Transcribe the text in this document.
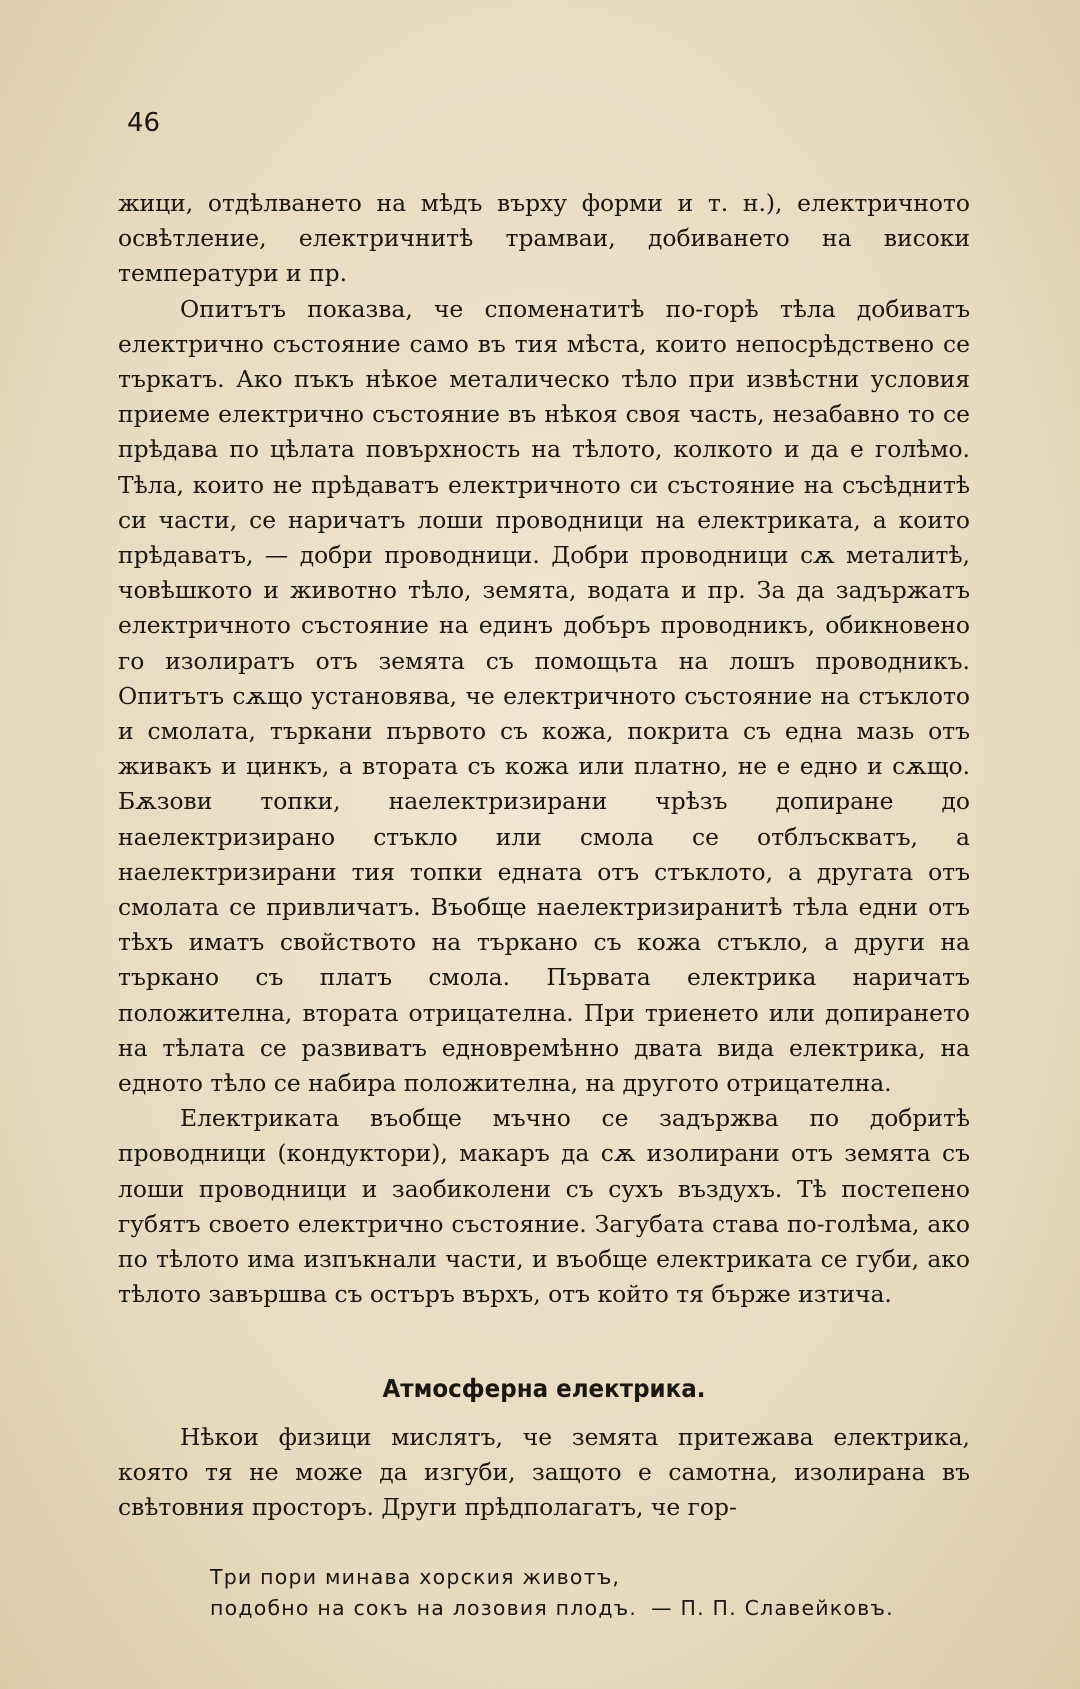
46

жици, отдѣлването на мѣдъ върху форми и т. н.), електричното освѣтление, електричнитѣ трамваи, добиването на високи температури и пр.

Опитътъ показва, че споменатитѣ по-горѣ тѣла добиватъ електрично състояние само въ тия мѣста, които непосрѣдствено се търкатъ. Ако пъкъ нѣкое металическо тѣло при извѣстни условия приеме електрично състояние въ нѣкоя своя часть, незабавно то се прѣдава по цѣлата повърхность на тѣлото, колкото и да е голѣмо. Тѣла, които не прѣдаватъ електричното си състояние на съсѣднитѣ си части, се наричатъ лоши проводници на електриката, а които прѣдаватъ, — добри проводници. Добри проводници сѫ металитѣ, човѣшкото и животно тѣло, земята, водата и пр. За да задържатъ електричното състояние на единъ добъръ проводникъ, обикновено го изолиратъ отъ земята съ помощьта на лошъ проводникъ. Опитътъ сѫщо установява, че електричното състояние на стъклото и смолата, търкани първото съ кожа, покрита съ една мазь отъ живакъ и цинкъ, а втората съ кожа или платно, не е едно и сѫщо. Бѫзови топки, наелектризирани чрѣзъ допиране до наелектризирано стъкло или смола се отблъскватъ, а наелектризирани тия топки едната отъ стъклото, а другата отъ смолата се привличатъ. Въобще наелектризиранитѣ тѣла едни отъ тѣхъ иматъ свойството на търкано съ кожа стъкло, а други на търкано съ платъ смола. Първата електрика наричатъ положителна, втората отрицателна. При триенето или допирането на тѣлата се развиватъ едновремѣнно двата вида електрика, на едното тѣло се набира положителна, на другото отрицателна.

Електриката въобще мъчно се задържва по добритѣ проводници (кондуктори), макаръ да сѫ изолирани отъ земята съ лоши проводници и заобиколени съ сухъ въздухъ. Тѣ постепено губятъ своето електрично състояние. Загубата става по-голѣма, ако по тѣлото има изпъкнали части, и въобще електриката се губи, ако тѣлото завършва съ остъръ върхъ, отъ който тя бърже изтича.

Атмосферна електрика.

Нѣкои физици мислятъ, че земята притежава електрика, която тя не може да изгуби, защото е самотна, изолирана въ свѣтовния просторъ. Други прѣдполагатъ, че гор-

Три пори минава хорския животъ,
подобно на сокъ на лозовия плодъ. — П. П. Славейковъ.
